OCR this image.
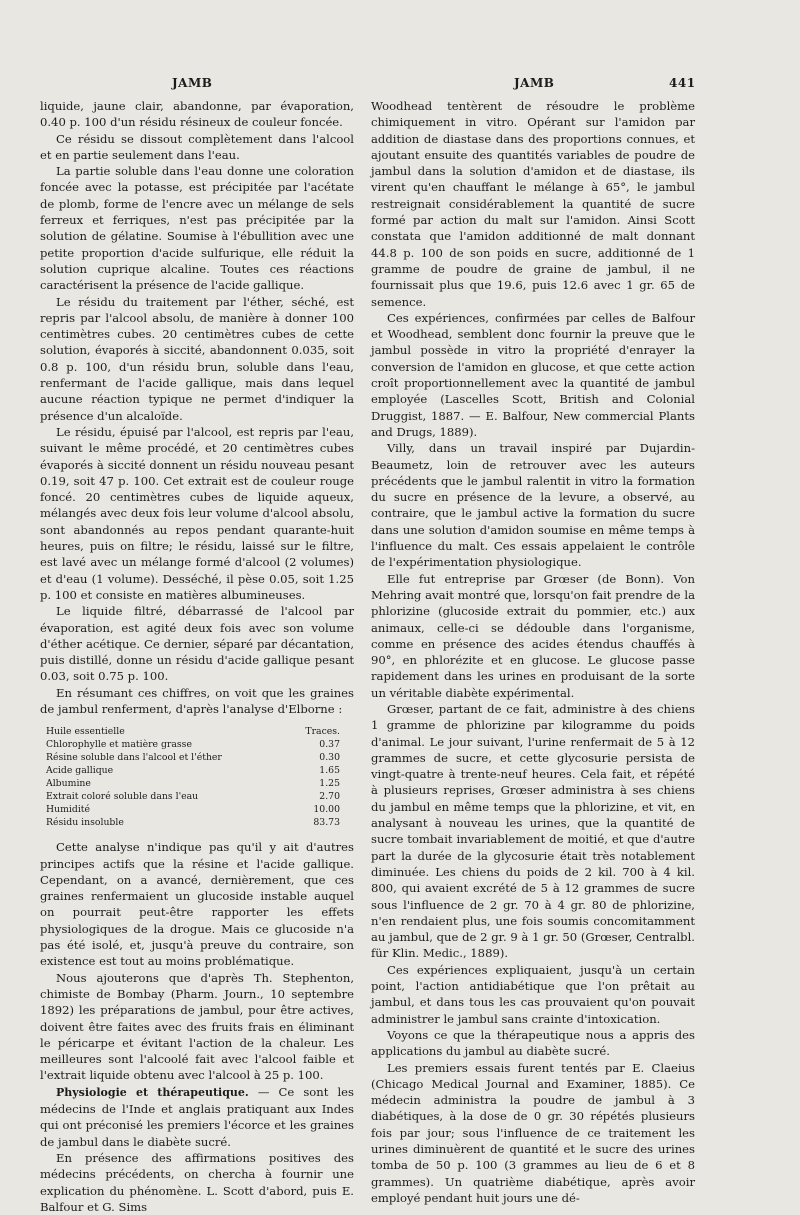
JAMB	JAMB	441

liquide, jaune clair, abandonne, par évaporation, 0.40 p. 100 d'un résidu résineux de couleur foncée.

Ce résidu se dissout complètement dans l'alcool et en partie seulement dans l'eau.

La partie soluble dans l'eau donne une coloration foncée avec la potasse, est précipitée par l'acétate de plomb, forme de l'encre avec un mélange de sels ferreux et ferriques, n'est pas précipitée par la solution de gélatine. Soumise à l'ébullition avec une petite proportion d'acide sulfurique, elle réduit la solution cuprique alcaline. Toutes ces réactions caractérisent la présence de l'acide gallique.

Le résidu du traitement par l'éther, séché, est repris par l'alcool absolu, de manière à donner 100 centimètres cubes. 20 centimètres cubes de cette solution, évaporés à siccité, abandonnent 0.035, soit 0.8 p. 100, d'un résidu brun, soluble dans l'eau, renfermant de l'acide gallique, mais dans lequel aucune réaction typique ne permet d'indiquer la présence d'un alcaloïde.

Le résidu, épuisé par l'alcool, est repris par l'eau, suivant le même procédé, et 20 centimètres cubes évaporés à siccité donnent un résidu nouveau pesant 0.19, soit 47 p. 100. Cet extrait est de couleur rouge foncé. 20 centimètres cubes de liquide aqueux, mélangés avec deux fois leur volume d'alcool absolu, sont abandonnés au repos pendant quarante-huit heures, puis on filtre; le résidu, laissé sur le filtre, est lavé avec un mélange formé d'alcool (2 volumes) et d'eau (1 volume). Desséché, il pèse 0.05, soit 1.25 p. 100 et consiste en matières albumineuses.

Le liquide filtré, débarrassé de l'alcool par évaporation, est agité deux fois avec son volume d'éther acétique. Ce dernier, séparé par décantation, puis distillé, donne un résidu d'acide gallique pesant 0.03, soit 0.75 p. 100.

En résumant ces chiffres, on voit que les graines de jambul renferment, d'après l'analyse d'Elborne :

Huile essentielle	Traces.
Chlorophylle et matière grasse	0.37
Résine soluble dans l'alcool et l'éther	0.30
Acide gallique	1.65
Albumine	1.25
Extrait coloré soluble dans l'eau	2.70
Humidité	10.00
Résidu insoluble	83.73

Cette analyse n'indique pas qu'il y ait d'autres principes actifs que la résine et l'acide gallique. Cependant, on a avancé, dernièrement, que ces graines renfermaient un glucoside instable auquel on pourrait peut-être rapporter les effets physiologiques de la drogue. Mais ce glucoside n'a pas été isolé, et, jusqu'à preuve du contraire, son existence est tout au moins problématique.

Nous ajouterons que d'après Th. Stephenton, chimiste de Bombay (Pharm. Journ., 10 septembre 1892) les préparations de jambul, pour être actives, doivent être faites avec des fruits frais en éliminant le péricarpe et évitant l'action de la chaleur. Les meilleures sont l'alcoolé fait avec l'alcool faible et l'extrait liquide obtenu avec l'alcool à 25 p. 100.

Physiologie et thérapeutique. — Ce sont les médecins de l'Inde et anglais pratiquant aux Indes qui ont préconisé les premiers l'écorce et les graines de jambul dans le diabète sucré.

En présence des affirmations positives des médecins précédents, on chercha à fournir une explication du phénomène. L. Scott d'abord, puis E. Balfour et G. Sims

Woodhead tentèrent de résoudre le problème chimiquement in vitro. Opérant sur l'amidon par addition de diastase dans des proportions connues, et ajoutant ensuite des quantités variables de poudre de jambul dans la solution d'amidon et de diastase, ils virent qu'en chauffant le mélange à 65°, le jambul restreignait considérablement la quantité de sucre formé par action du malt sur l'amidon. Ainsi Scott constata que l'amidon additionné de malt donnant 44.8 p. 100 de son poids en sucre, additionné de 1 gramme de poudre de graine de jambul, il ne fournissait plus que 19.6, puis 12.6 avec 1 gr. 65 de semence.

Ces expériences, confirmées par celles de Balfour et Woodhead, semblent donc fournir la preuve que le jambul possède in vitro la propriété d'enrayer la conversion de l'amidon en glucose, et que cette action croît proportionnellement avec la quantité de jambul employée (Lascelles Scott, British and Colonial Druggist, 1887. — E. Balfour, New commercial Plants and Drugs, 1889).

Villy, dans un travail inspiré par Dujardin-Beaumetz, loin de retrouver avec les auteurs précédents que le jambul ralentit in vitro la formation du sucre en présence de la levure, a observé, au contraire, que le jambul active la formation du sucre dans une solution d'amidon soumise en même temps à l'influence du malt. Ces essais appelaient le contrôle de l'expérimentation physiologique.

Elle fut entreprise par Grœser (de Bonn). Von Mehring avait montré que, lorsqu'on fait prendre de la phlorizine (glucoside extrait du pommier, etc.) aux animaux, celle-ci se dédouble dans l'organisme, comme en présence des acides étendus chauffés à 90°, en phlorézite et en glucose. Le glucose passe rapidement dans les urines en produisant de la sorte un véritable diabète expérimental.

Grœser, partant de ce fait, administre à des chiens 1 gramme de phlorizine par kilogramme du poids d'animal. Le jour suivant, l'urine renfermait de 5 à 12 grammes de sucre, et cette glycosurie persista de vingt-quatre à trente-neuf heures. Cela fait, et répété à plusieurs reprises, Grœser administra à ses chiens du jambul en même temps que la phlorizine, et vit, en analysant à nouveau les urines, que la quantité de sucre tombait invariablement de moitié, et que d'autre part la durée de la glycosurie était très notablement diminuée. Les chiens du poids de 2 kil. 700 à 4 kil. 800, qui avaient excrété de 5 à 12 grammes de sucre sous l'influence de 2 gr. 70 à 4 gr. 80 de phlorizine, n'en rendaient plus, une fois soumis concomitamment au jambul, que de 2 gr. 9 à 1 gr. 50 (Grœser, Centralbl. für Klin. Medic., 1889).

Ces expériences expliquaient, jusqu'à un certain point, l'action antidiabétique que l'on prêtait au jambul, et dans tous les cas prouvaient qu'on pouvait administrer le jambul sans crainte d'intoxication.

Voyons ce que la thérapeutique nous a appris des applications du jambul au diabète sucré.

Les premiers essais furent tentés par E. Claeius (Chicago Medical Journal and Examiner, 1885). Ce médecin administra la poudre de jambul à 3 diabétiques, à la dose de 0 gr. 30 répétés plusieurs fois par jour; sous l'influence de ce traitement les urines diminuèrent de quantité et le sucre des urines tomba de 50 p. 100 (3 grammes au lieu de 6 et 8 grammes). Un quatrième diabétique, après avoir employé pendant huit jours une dé-
